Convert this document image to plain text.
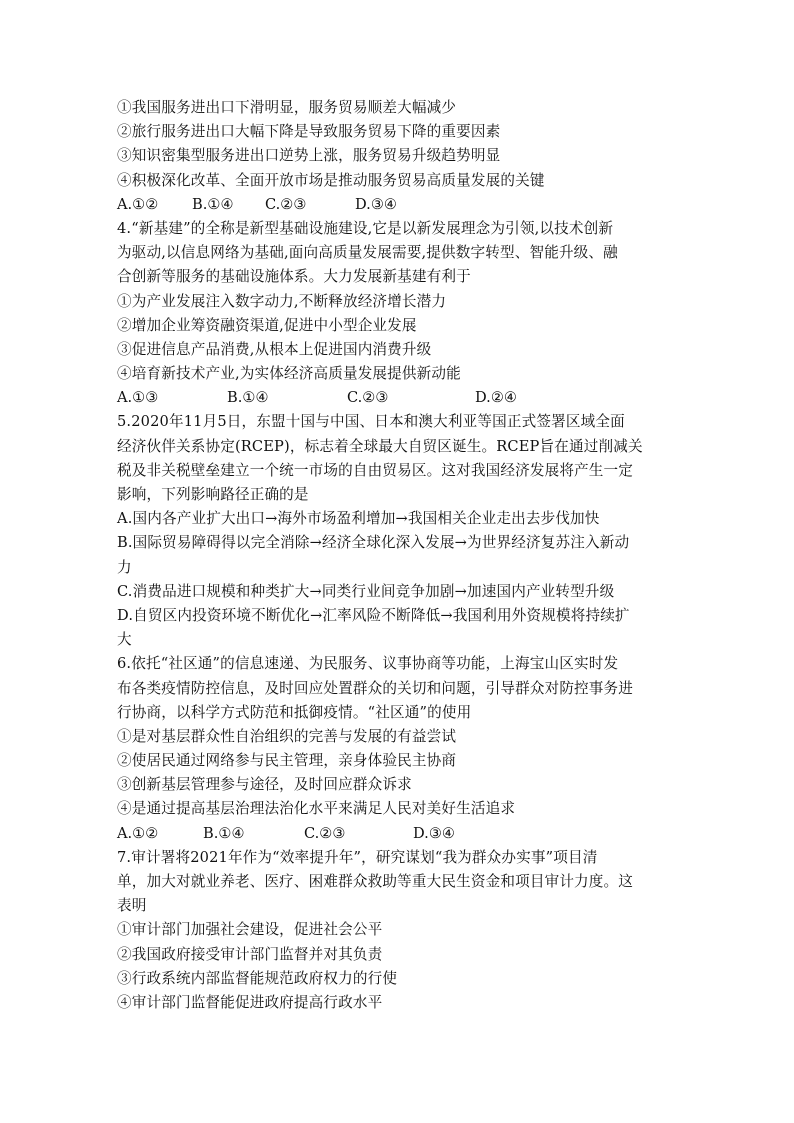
①我国服务进出口下滑明显，服务贸易顺差大幅减少
②旅行服务进出口大幅下降是导致服务贸易下降的重要因素
③知识密集型服务进出口逆势上涨，服务贸易升级趋势明显
④积极深化改革、全面开放市场是推动服务贸易高质量发展的关键
A.①②	B.①④	C.②③	D.③④
4.“新基建”的全称是新型基础设施建设,它是以新发展理念为引领,以技术创新
为驱动,以信息网络为基础,面向高质量发展需要,提供数字转型、智能升级、融
合创新等服务的基础设施体系。大力发展新基建有利于
①为产业发展注入数字动力,不断释放经济增长潜力
②增加企业筹资融资渠道,促进中小型企业发展
③促进信息产品消费,从根本上促进国内消费升级
④培育新技术产业,为实体经济高质量发展提供新动能
A.①③	B.①④	C.②③	D.②④
5.2020年11月5日，东盟十国与中国、日本和澳大利亚等国正式签署区域全面
经济伙伴关系协定(RCEP)，标志着全球最大自贸区诞生。RCEP旨在通过削减关
税及非关税壁垒建立一个统一市场的自由贸易区。这对我国经济发展将产生一定
影响，下列影响路径正确的是
A.国内各产业扩大出口→海外市场盈利增加→我国相关企业走出去步伐加快
B.国际贸易障碍得以完全消除→经济全球化深入发展→为世界经济复苏注入新动
力
C.消费品进口规模和种类扩大→同类行业间竞争加剧→加速国内产业转型升级
D.自贸区内投资环境不断优化→汇率风险不断降低→我国利用外资规模将持续扩
大
6.依托“社区通”的信息速递、为民服务、议事协商等功能，上海宝山区实时发
布各类疫情防控信息，及时回应处置群众的关切和问题，引导群众对防控事务进
行协商，以科学方式防范和抵御疫情。“社区通”的使用
①是对基层群众性自治组织的完善与发展的有益尝试
②使居民通过网络参与民主管理，亲身体验民主协商
③创新基层管理参与途径，及时回应群众诉求
④是通过提高基层治理法治化水平来满足人民对美好生活追求
A.①②	B.①④	C.②③	D.③④
7.审计署将2021年作为“效率提升年”，研究谋划“我为群众办实事”项目清
单，加大对就业养老、医疗、困难群众救助等重大民生资金和项目审计力度。这
表明
①审计部门加强社会建设，促进社会公平
②我国政府接受审计部门监督并对其负责
③行政系统内部监督能规范政府权力的行使
④审计部门监督能促进政府提高行政水平
